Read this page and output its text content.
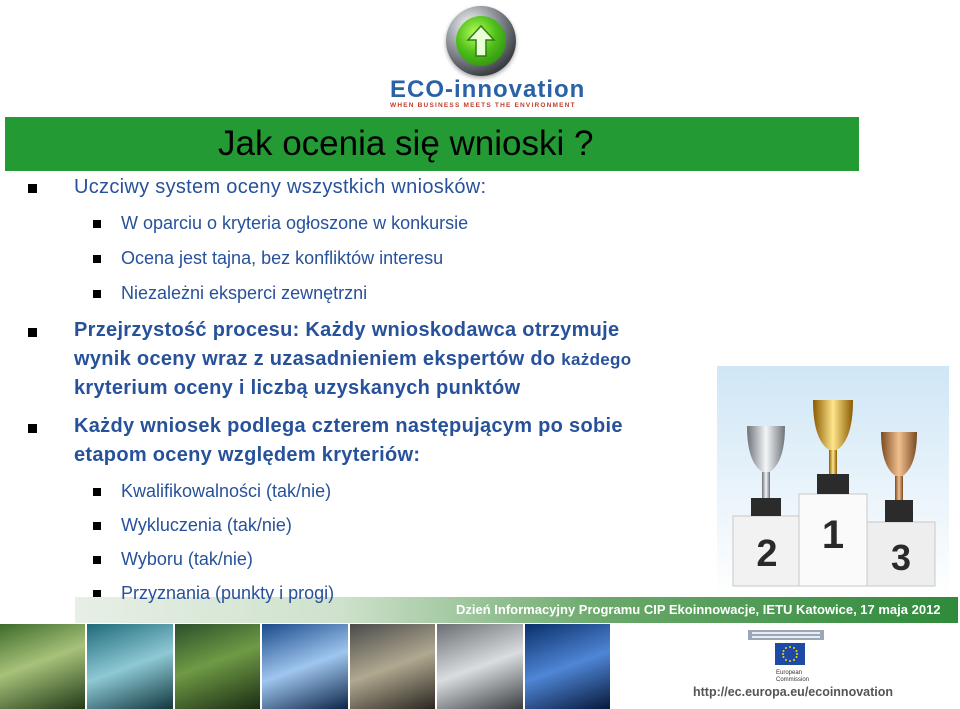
ECO-innovation
WHEN BUSINESS MEETS THE ENVIRONMENT
Jak ocenia się wnioski ?
Uczciwy system oceny wszystkich wniosków:
W oparciu o kryteria ogłoszone w konkursie
Ocena jest tajna, bez konfliktów interesu
Niezależni eksperci zewnętrzni
Przejrzystość procesu: Każdy wnioskodawca otrzymuje
wynik oceny wraz z uzasadnieniem ekspertów do każdego
kryterium oceny i liczbą uzyskanych punktów
Każdy wniosek podlega czterem następującym po sobie
etapom oceny względem kryteriów:
Kwalifikowalności (tak/nie)
Wykluczenia (tak/nie)
Wyboru (tak/nie)	2 1
3
Przyznania (punkty i progi)
Dzień Informacyjny Programu CIP Ekoinnowacje, IETU Katowice, 17 maja 2012
European
Commission
http://ec.europa.eu/ecoinnovation
